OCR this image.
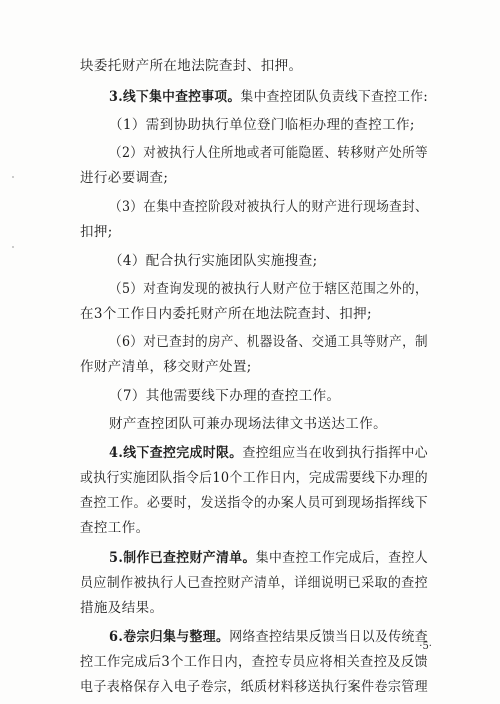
块委托财产所在地法院查封、扣押。
3.线下集中查控事项。集中查控团队负责线下查控工作:
（1）需到协助执行单位登门临柜办理的查控工作;
（2）对被执行人住所地或者可能隐匿、转移财产处所等
进行必要调查;
（3）在集中查控阶段对被执行人的财产进行现场查封、
扣押;
（4）配合执行实施团队实施搜查;
（5）对查询发现的被执行人财产位于辖区范围之外的，
在3个工作日内委托财产所在地法院查封、扣押;
（6）对已查封的房产、机器设备、交通工具等财产，制
作财产清单，移交财产处置;
（7）其他需要线下办理的查控工作。
财产查控团队可兼办现场法律文书送达工作。
4.线下查控完成时限。查控组应当在收到执行指挥中心
或执行实施团队指令后10个工作日内，完成需要线下办理的
查控工作。必要时，发送指令的办案人员可到现场指挥线下
查控工作。
5.制作已查控财产清单。集中查控工作完成后，查控人
员应制作被执行人已查控财产清单，详细说明已采取的查控
措施及结果。
6.卷宗归集与整理。网络查控结果反馈当日以及传统查
控工作完成后3个工作日内，查控专员应将相关查控及反馈
电子表格保存入电子卷宗，纸质材料移送执行案件卷宗管理
·5·
